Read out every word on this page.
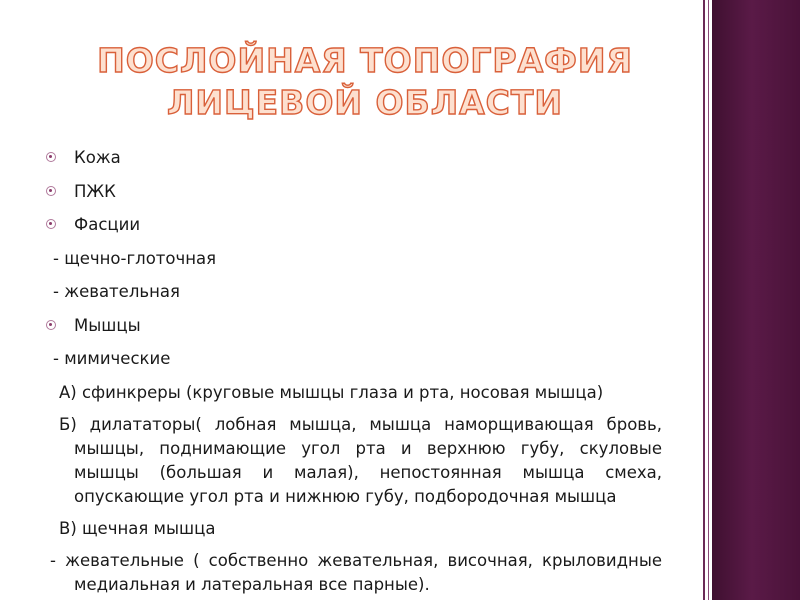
ПОСЛОЙНАЯ ТОПОГРАФИЯ
ЛИЦЕВОЙ ОБЛАСТИ
Кожа
ПЖК
Фасции
- щечно-глоточная
- жевательная
Мышцы
- мимические
А) сфинкреры (круговые мышцы глаза и рта, носовая мышца)
Б) дилататоры( лобная мышца, мышца наморщивающая бровь, мышцы, поднимающие угол рта и верхнюю губу, скуловые мышцы (большая и малая), непостоянная мышца смеха, опускающие угол рта и нижнюю губу, подбородочная мышца
В) щечная мышца
- жевательные ( собственно жевательная, височная, крыловидные медиальная и латеральная все парные).
